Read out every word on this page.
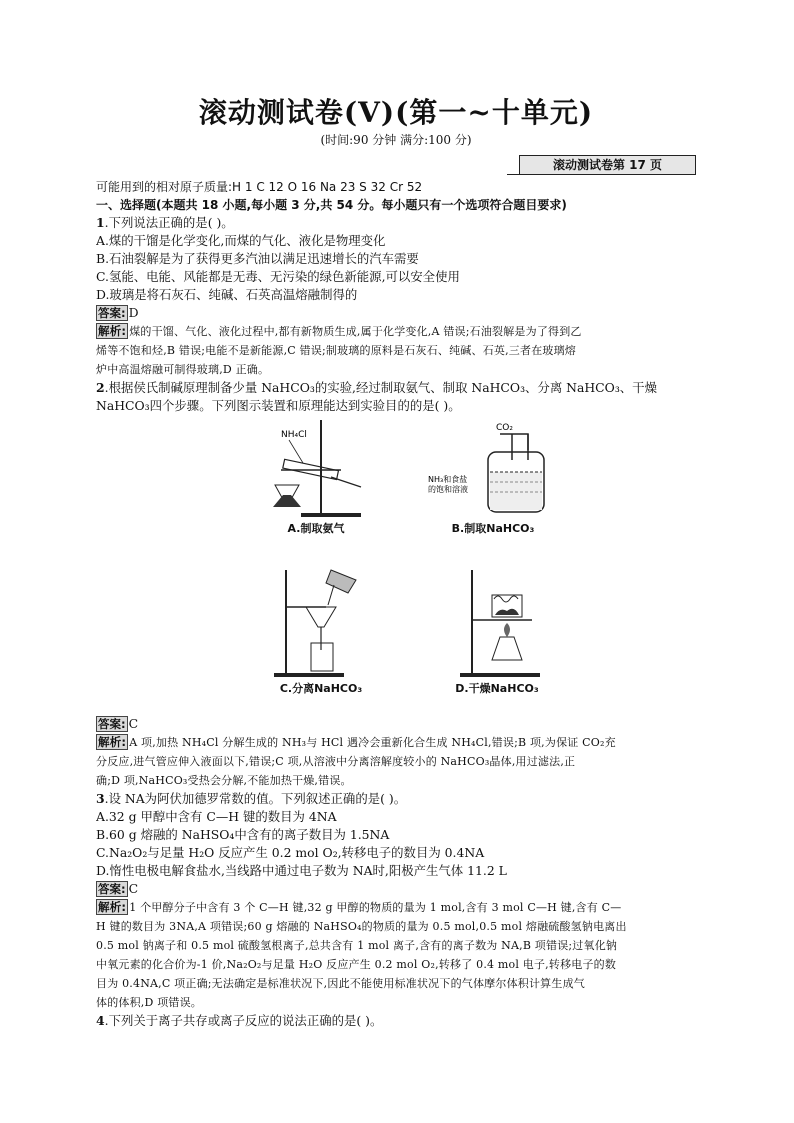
滚动测试卷(Ⅴ)(第一~十单元)
(时间:90 分钟 满分:100 分)
滚动测试卷第 17 页
可能用到的相对原子质量:H 1 C 12 O 16 Na 23 S 32 Cr 52
一、选择题(本题共 18 小题,每小题 3 分,共 54 分。每小题只有一个选项符合题目要求)
1.下列说法正确的是( )。
A.煤的干馏是化学变化,而煤的气化、液化是物理变化
B.石油裂解是为了获得更多汽油以满足迅速增长的汽车需要
C.氢能、电能、风能都是无毒、无污染的绿色新能源,可以安全使用
D.玻璃是将石灰石、纯碱、石英高温熔融制得的
答案: D
解析: 煤的干馏、气化、液化过程中,都有新物质生成,属于化学变化,A 错误;石油裂解是为了得到乙
烯等不饱和烃,B 错误;电能不是新能源,C 错误;制玻璃的原料是石灰石、纯碱、石英,三者在玻璃熔
炉中高温熔融可制得玻璃,D 正确。
2.根据侯氏制碱原理制备少量 NaHCO₃的实验,经过制取氨气、制取 NaHCO₃、分离 NaHCO₃、干燥
NaHCO₃四个步骤。下列图示装置和原理能达到实验目的的是( )。
NH₄Cl
A.制取氨气
CO₂
NH₃和食盐
的饱和溶液
B.制取NaHCO₃
C.分离NaHCO₃	D.干燥NaHCO₃
答案: C
解析: A 项,加热 NH₄Cl 分解生成的 NH₃与 HCl 遇冷会重新化合生成 NH₄Cl,错误;B 项,为保证 CO₂充
分反应,进气管应伸入液面以下,错误;C 项,从溶液中分离溶解度较小的 NaHCO₃晶体,用过滤法,正
确;D 项,NaHCO₃受热会分解,不能加热干燥,错误。
3.设 NA为阿伏加德罗常数的值。下列叙述正确的是( )。
A.32 g 甲醇中含有 C—H 键的数目为 4NA
B.60 g 熔融的 NaHSO₄中含有的离子数目为 1.5NA
C.Na₂O₂与足量 H₂O 反应产生 0.2 mol O₂,转移电子的数目为 0.4NA
D.惰性电极电解食盐水,当线路中通过电子数为 NA时,阳极产生气体 11.2 L
答案: C
解析: 1 个甲醇分子中含有 3 个 C—H 键,32 g 甲醇的物质的量为 1 mol,含有 3 mol C—H 键,含有 C—
H 键的数目为 3NA,A 项错误;60 g 熔融的 NaHSO₄的物质的量为 0.5 mol,0.5 mol 熔融硫酸氢钠电离出
0.5 mol 钠离子和 0.5 mol 硫酸氢根离子,总共含有 1 mol 离子,含有的离子数为 NA,B 项错误;过氧化钠
中氧元素的化合价为-1 价,Na₂O₂与足量 H₂O 反应产生 0.2 mol O₂,转移了 0.4 mol 电子,转移电子的数
目为 0.4NA,C 项正确;无法确定是标准状况下,因此不能使用标准状况下的气体摩尔体积计算生成气
体的体积,D 项错误。
4.下列关于离子共存或离子反应的说法正确的是( )。
